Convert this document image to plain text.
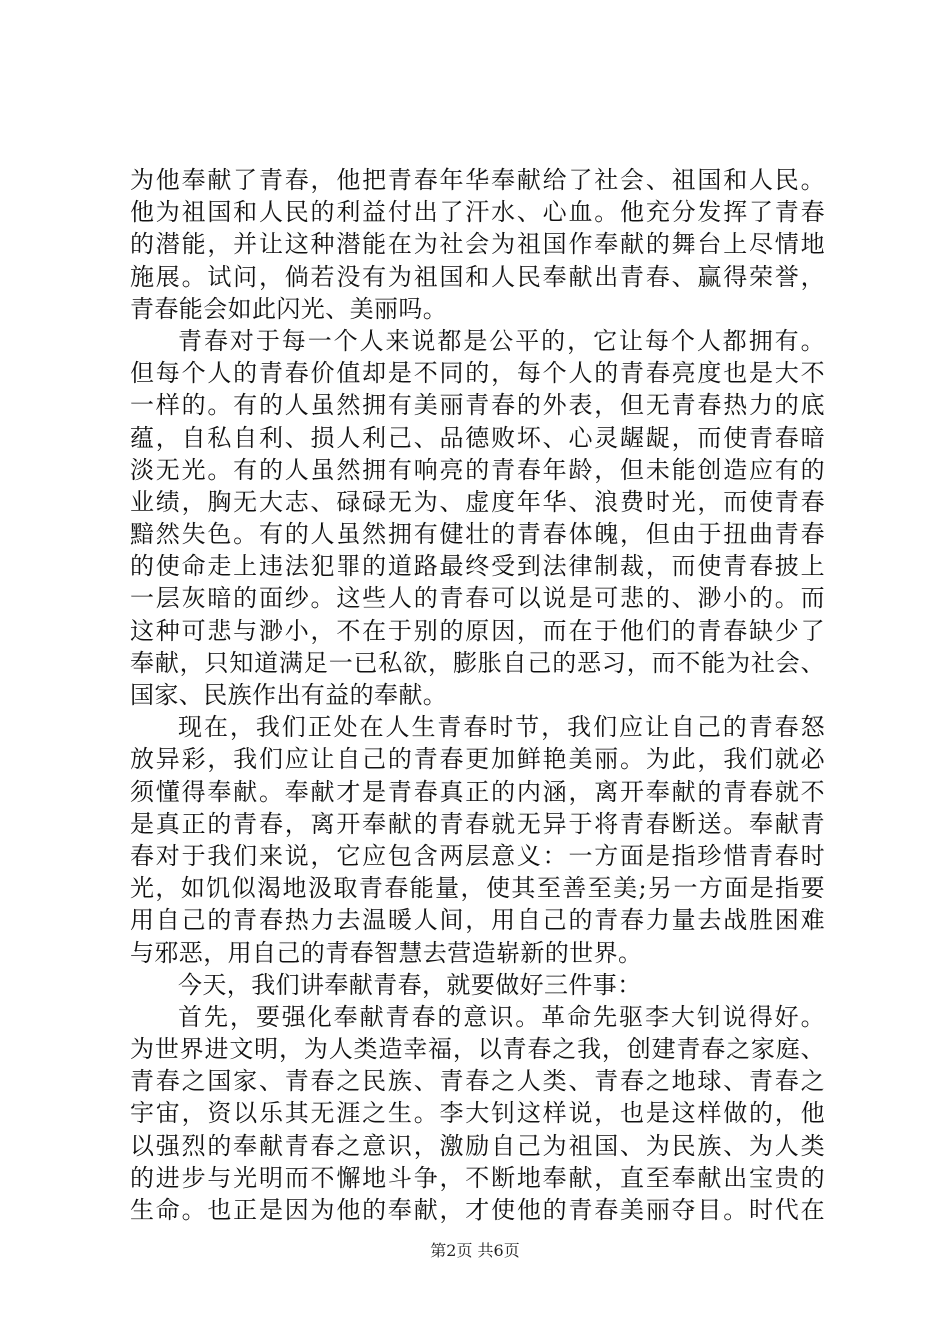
为他奉献了青春，他把青春年华奉献给了社会、祖国和人民。
他为祖国和人民的利益付出了汗水、心血。他充分发挥了青春
的潜能，并让这种潜能在为社会为祖国作奉献的舞台上尽情地
施展。试问，倘若没有为祖国和人民奉献出青春、赢得荣誉，
青春能会如此闪光、美丽吗。
青春对于每一个人来说都是公平的，它让每个人都拥有。
但每个人的青春价值却是不同的，每个人的青春亮度也是大不
一样的。有的人虽然拥有美丽青春的外表，但无青春热力的底
蕴，自私自利、损人利己、品德败坏、心灵龌龊，而使青春暗
淡无光。有的人虽然拥有响亮的青春年龄，但未能创造应有的
业绩，胸无大志、碌碌无为、虚度年华、浪费时光，而使青春
黯然失色。有的人虽然拥有健壮的青春体魄，但由于扭曲青春
的使命走上违法犯罪的道路最终受到法律制裁，而使青春披上
一层灰暗的面纱。这些人的青春可以说是可悲的、渺小的。而
这种可悲与渺小，不在于别的原因，而在于他们的青春缺少了
奉献，只知道满足一已私欲，膨胀自己的恶习，而不能为社会、
国家、民族作出有益的奉献。
现在，我们正处在人生青春时节，我们应让自己的青春怒
放异彩，我们应让自己的青春更加鲜艳美丽。为此，我们就必
须懂得奉献。奉献才是青春真正的内涵，离开奉献的青春就不
是真正的青春，离开奉献的青春就无异于将青春断送。奉献青
春对于我们来说，它应包含两层意义：一方面是指珍惜青春时
光，如饥似渴地汲取青春能量，使其至善至美;另一方面是指要
用自己的青春热力去温暖人间，用自己的青春力量去战胜困难
与邪恶，用自己的青春智慧去营造崭新的世界。
今天，我们讲奉献青春，就要做好三件事：
首先，要强化奉献青春的意识。革命先驱李大钊说得好。
为世界进文明，为人类造幸福，以青春之我，创建青春之家庭、
青春之国家、青春之民族、青春之人类、青春之地球、青春之
宇宙，资以乐其无涯之生。李大钊这样说，也是这样做的，他
以强烈的奉献青春之意识，激励自己为祖国、为民族、为人类
的进步与光明而不懈地斗争，不断地奉献，直至奉献出宝贵的
生命。也正是因为他的奉献，才使他的青春美丽夺目。时代在
第2页 共6页
